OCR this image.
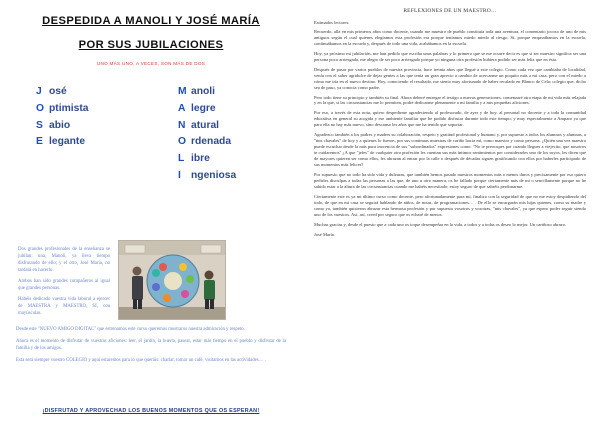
DESPEDIDA A MANOLI Y JOSÉ MARÍA
POR SUS JUBILACIONES
UNO MÁS UNO, A VECES, SON MÁS DE DOS
J osé
O ptimista
S abio
E legante
M anoli
A legre
N atural
O rdenada
L ibre
I ngeniosa

Dos grandes profesionales de la enseñanza se jubilan: una, Manoli, ya lleva tiempo disfrutando de ello; y el otro, José María, no tardará en hacerlo.

Ambos han sido grandes compañeros al igual que grandes personas.

Habéis dedicado vuestra vida laboral a ejercer de MAESTRA y MAESTRO, SI, con mayúsculas.

Desde este "NUEVO AMIGO DIGITAL" que estrenamos este curso queremos mostraros nuestra admiración y respeto.

Ahora es el momento de disfrutar de vuestras aficiones: leer, el jardín, la huerta, pasear, estar más tiempo en el pueblo y disfrutar de la familia y de los amigos.

Esta será siempre vuestro COLEGIO y aquí estaremos para lo que queráis: charlar, tomar un café, visitarnos en las actividades… .

¡DISFRUTAD Y APROVECHAD LOS BUENOS MOMENTOS QUE OS ESPERAN!
REFLEXIONES DE UN MAESTRO…

Estimados lectores:

Recuerdo, allá en mis primeros años como docente, cuando me muestro de pueblo constituía toda una aventura, el comentario jocoso de uno de mis antiguos según el cual quienes elegíamos esta profesión era porque teníamos miedo miedo al riesgo. Sí, porque empezábamos en la escuela, continuábamos en la escuela y, después de todo una vida, acabábamos en la escuela.

Hoy, ya próximo mi jubilación, me han pedido que escriba unas palabras y lo primero que se me ocurre decir es que si ser maestro significa ser una persona poco arriesgada, me alegro de ser poco arriesgado porque yo ninguna otra profesión hubiera podido ser más feliz que en ésta.

Después de pasar por varios pueblos de nuestra provincia, hace treinta años que llegué a este colegio. Como cada vez que cambiaba de localidad, venía con el saber agridulce de dejar gentes a las que tenía un gran aprecio a cambio de acercarme un poquito más a mi casa, pero con el miedo a cómo me iría en el nuevo destino. Hoy, conociendo el resultado, me siento muy afortunado de haber recalado en Blanco de Cela; colegio que, dicho sea de paso, ya conocía como padre.

Pero todo tiene su principio y también su final. Ahora deberé entregar el testigo a nuevas generaciones, comenzaré otra etapa de mi vida más relajada y en la que, si las circunstancias me lo permiten, podré dedicarme plenamente a mi familia y a mis pequeñas aficiones.

Por eso, a través de esta nota, quiero despedirme agradeciendo al profesorado, de ayer y de hoy, al personal no docente y a toda la comunidad educativa en general su acogida y ese ambiente familiar que he podido disfrutar durante todo este tiempo; y muy especialmente a Amparo ya que para ella no hay más nuevo, sino descanso les años que me ha tenido que soportar.

Agradezco también a los padres y madres su colaboración, respeto y gratitud profesional y humano y, por supuesto a todos los alumnos y alumnas, a "mis chavales" de hoy y a quienes lo fueron, por sus continuas muestras de cariño hacia mí, como maestro y como persona. ¿Quién una vez maestro puede escuchar desde la más pura inocencia de sus "subordinados" expresiones como: "No te preocupes por cuando llegues a viejecito, que nosotros te cuidaremos" ¿A que "jefes" de cualquier otra profesión les cuentan sus más íntimos sentimientos por considerarles uno de los suyos, les dicen que de mayores quieren ser como ellos, les abrazan al entrar por la calle o después de décadas siguen gratificando con ellos por haberles participado de sus momentos más felices?

Por supuesto que no todo ha sido vida y dulzuras, que también hemos pasado nuestros momentos más o menos duros y precisamente por eso quiero pedirles disculpas a todas las personas a las que, de uno u otro manera, os he fallado porque ciertamente más de mi o sencillamente porque no he sabido estar a la altura de las circunstancias cuando me habéis necesitado; estoy seguro de que sabréis perdonarme.

Ciertamente este es ya mi último curso como docente, pero afortunadamente para mí, finalizo con la seguridad de que no me estoy despidiendo del todo, de que en mi casa se seguirá hablando de niños, de notas, de programaciones… . De ello se encargarán mis hijas quienes, como su madre y como yo, también quisieron abrazar esta hermosa profesión y por supuesto vosotros y vosotras, "mis chavales", ya que espero poder seguir siendo uno de los vuestros. Así, así, creed por seguro que os echaré de menos.

Muchas gracias y, desde el puesto que a cada uno os toque desempeñar en la vida, a todos y a todas os deseo lo mejor. Un cariñoso abrazo.

José María.
